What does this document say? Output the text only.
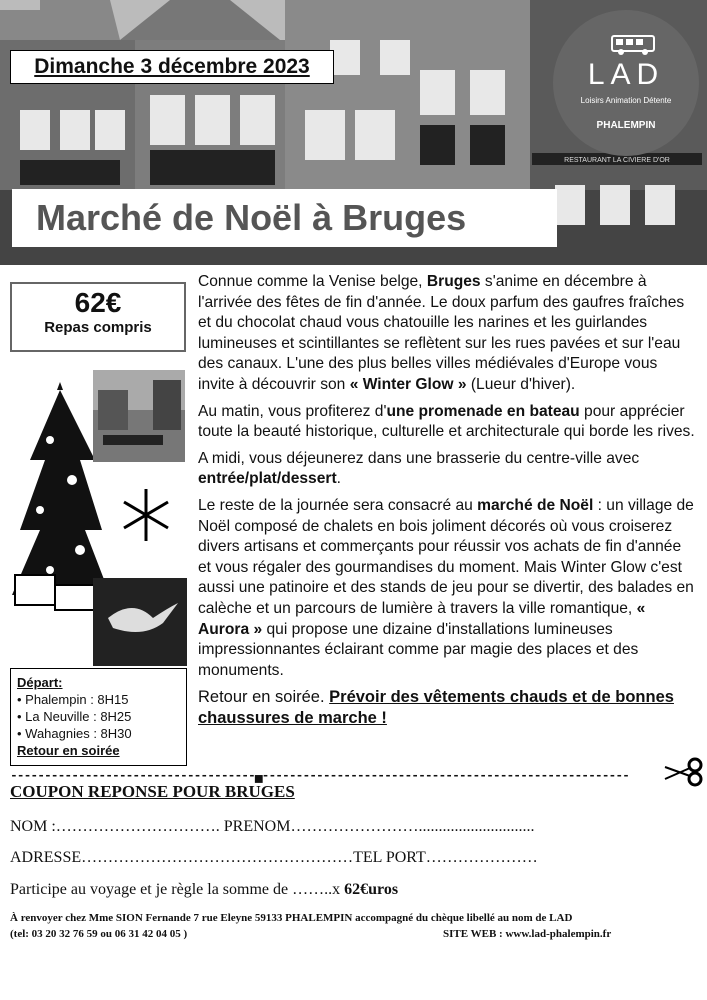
RESTAURANT LA CIVIERE D'OR
Dimanche 3 décembre 2023
Marché de Noël à Bruges
LAD
Loisirs Animation Détente
PHALEMPIN
62€
Repas compris

Connue comme la Venise belge, Bruges s'anime en décembre à l'arrivée des fêtes de fin d'année. Le doux parfum des gaufres fraîches et du chocolat chaud vous chatouille les narines et les guirlandes lumineuses et scintillantes se reflètent sur les rues pavées et sur l'eau des canaux. L'une des plus belles villes médiévales d'Europe vous invite à découvrir son « Winter Glow » (Lueur d'hiver).

Au matin, vous profiterez d'une promenade en bateau pour apprécier toute la beauté historique, culturelle et architecturale qui borde les rives.

A midi, vous déjeunerez dans une brasserie du centre-ville avec entrée/plat/dessert.

Le reste de la journée sera consacré au marché de Noël : un village de Noël composé de chalets en bois joliment décorés où vous croiserez divers artisans et commerçants pour réussir vos achats de fin d'année et vous régaler des gourmandises du moment. Mais Winter Glow c'est aussi une patinoire et des stands de jeu pour se divertir, des balades en calèche et un parcours de lumière à travers la ville romantique, « Aurora » qui propose une dizaine d'installations lumineuses impressionnantes éclairant comme par magie des places et des monuments.

Retour en soirée. Prévoir des vêtements chauds et de bonnes chaussures de marche !

Départ:
• Phalempin : 8H15
• La Neuville : 8H25
• Wahagnies : 8H30
Retour en soirée
------------------------------------▄------------------------------------------------------
COUPON REPONSE POUR BRUGES
NOM :…………………………. PRENOM…………………….............................
ADRESSE……………………………………………TEL PORT…………………
Participe au voyage et je règle la somme de ……..x 62€uros
À renvoyer chez Mme SION Fernande 7 rue Eleyne 59133 PHALEMPIN accompagné du chèque libellé au nom de LAD
(tel: 03 20 32 76 59 ou 06 31 42 04 05 )	SITE WEB : www.lad-phalempin.fr
